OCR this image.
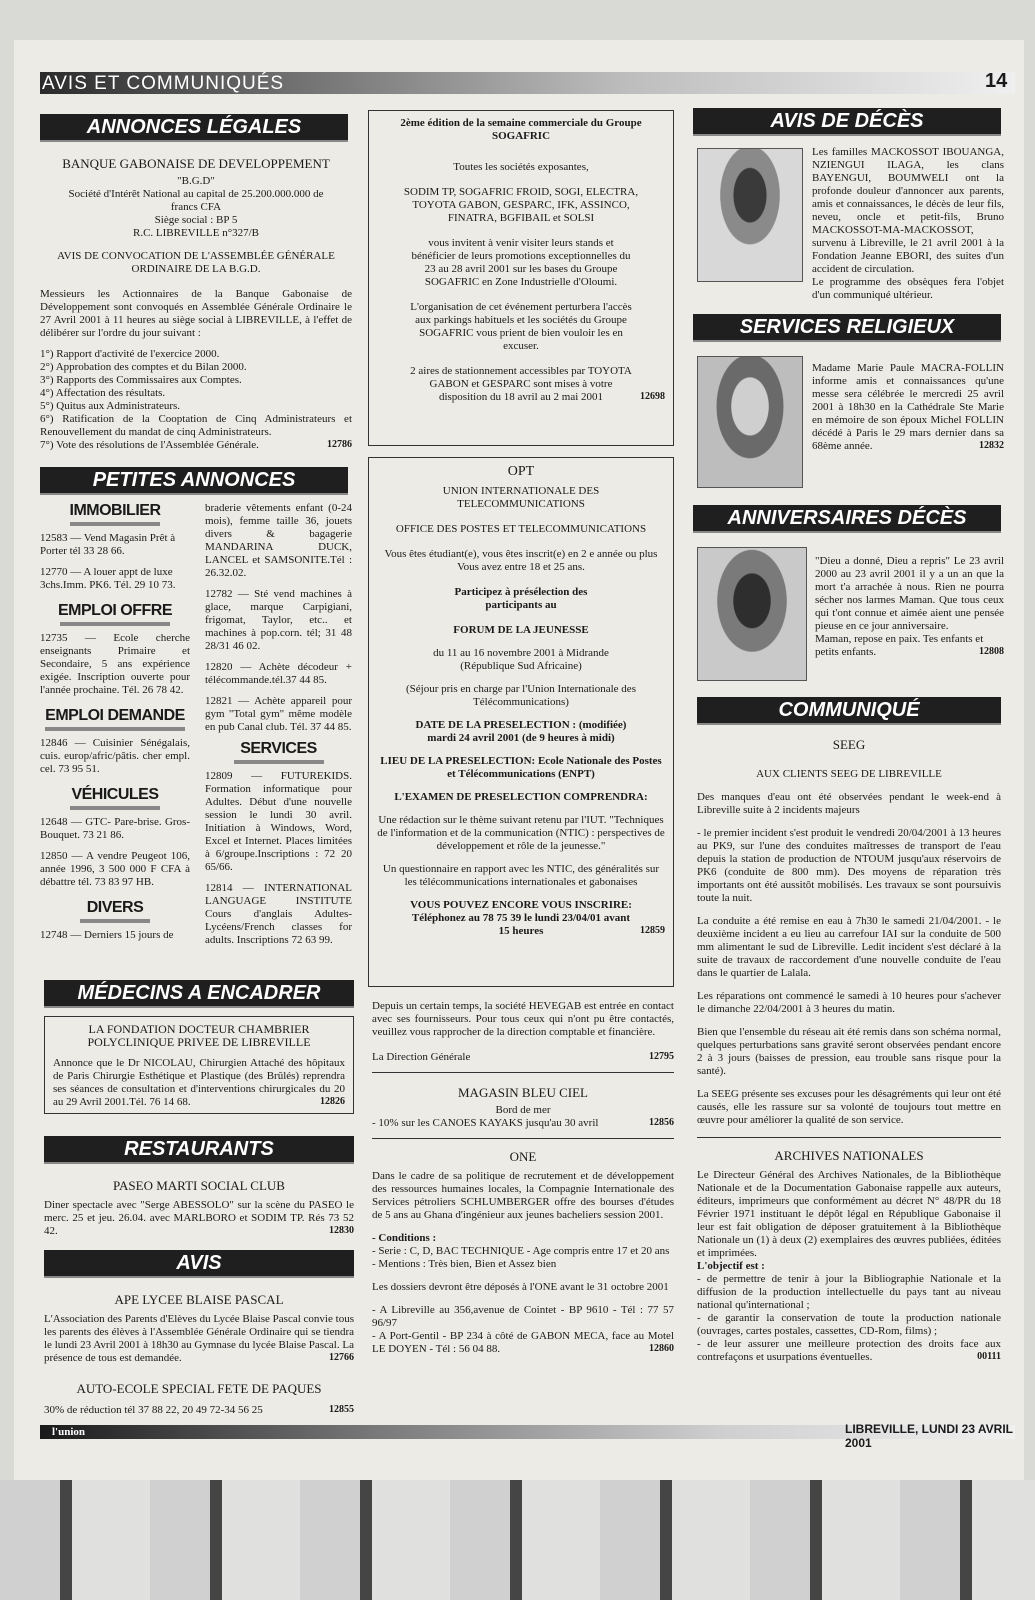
AVIS ET COMMUNIQUÉS	14
ANNONCES LÉGALES

BANQUE GABONAISE DE DEVELOPPEMENT

"B.G.D"

Société d'Intérêt National au capital de 25.200.000.000 de francs CFA

Siège social : BP 5

R.C. LIBREVILLE n°327/B

AVIS DE CONVOCATION DE L'ASSEMBLÉE GÉNÉRALE ORDINAIRE DE LA B.G.D.

Messieurs les Actionnaires de la Banque Gabonaise de Développement sont convoqués en Assemblée Générale Ordinaire le 27 Avril 2001 à 11 heures au siège social à LIBREVILLE, à l'effet de délibérer sur l'ordre du jour suivant :

1°) Rapport d'activité de l'exercice 2000.

2°) Approbation des comptes et du Bilan 2000.

3°) Rapports des Commissaires aux Comptes.

4°) Affectation des résultats.

5°) Quitus aux Administrateurs.

6°) Ratification de la Cooptation de Cinq Administrateurs et Renouvellement du mandat de cinq Administrateurs.

7°) Vote des résolutions de l'Assemblée Générale.	12786

PETITES ANNONCES

IMMOBILIER

12583 — Vend Magasin Prêt à Porter tél 33 28 66.

12770 — A louer appt de luxe 3chs.Imm. PK6. Tél. 29 10 73.

EMPLOI OFFRE

12735 — Ecole cherche enseignants Primaire et Secondaire, 5 ans expérience exigée. Inscription ouverte pour l'année prochaine. Tél. 26 78 42.

EMPLOI DEMANDE

12846 — Cuisinier Sénégalais, cuis. europ/afric/pâtis. cher empl. cel. 73 95 51.

VÉHICULES

12648 — GTC- Pare-brise. Gros-Bouquet. 73 21 86.

12850 — A vendre Peugeot 106, année 1996, 3 500 000 F CFA à débattre tél. 73 83 97 HB.

DIVERS

12748 — Derniers 15 jours de

braderie vêtements enfant (0-24 mois), femme taille 36, jouets divers & bagagerie MANDARINA DUCK, LANCEL et SAMSONITE.Tél : 26.32.02.

12782 — Sté vend machines à glace, marque Carpigiani, frigomat, Taylor, etc.. et machines à pop.corn. tél; 31 48 28/31 46 02.

12820 — Achète décodeur + télécommande.tél.37 44 85.

12821 — Achète appareil pour gym "Total gym" même modèle en pub Canal club. Tél. 37 44 85.

SERVICES

12809 — FUTUREKIDS. Formation informatique pour Adultes. Début d'une nouvelle session le lundi 30 avril. Initiation à Windows, Word, Excel et Internet. Places limitées à 6/groupe.Inscriptions : 72 20 65/66.

12814 — INTERNATIONAL LANGUAGE INSTITUTE Cours d'anglais Adultes-Lycéens/French classes for adults. Inscriptions 72 63 99.

MÉDECINS A ENCADRER

LA FONDATION DOCTEUR CHAMBRIER POLYCLINIQUE PRIVEE DE LIBREVILLE

Annonce que le Dr NICOLAU, Chirurgien Attaché des hôpitaux de Paris Chirurgie Esthétique et Plastique (des Brûlés) reprendra ses séances de consultation et d'interventions chirurgicales du 20 au 29 Avril 2001.Tél. 76 14 68.	12826

RESTAURANTS

PASEO MARTI SOCIAL CLUB

Diner spectacle avec "Serge ABESSOLO" sur la scène du PASEO le merc. 25 et jeu. 26.04. avec MARLBORO et SODIM TP. Rés 73 52 42.	12830

AVIS

APE LYCEE BLAISE PASCAL

L'Association des Parents d'Elèves du Lycée Blaise Pascal convie tous les parents des élèves à l'Assemblée Générale Ordinaire qui se tiendra le lundi 23 Avril 2001 à 18h30 au Gymnase du lycée Blaise Pascal. La présence de tous est demandée.	12766

AUTO-ECOLE SPECIAL FETE DE PAQUES

30% de réduction tél 37 88 22, 20 49 72-34 56 25	12855

2ème édition de la semaine commerciale du Groupe SOGAFRIC

Toutes les sociétés exposantes,

SODIM TP, SOGAFRIC FROID, SOGI, ELECTRA, TOYOTA GABON, GESPARC, IFK, ASSINCO, FINATRA, BGFIBAIL et SOLSI

vous invitent à venir visiter leurs stands et bénéficier de leurs promotions exceptionnelles du 23 au 28 avril 2001 sur les bases du Groupe SOGAFRIC en Zone Industrielle d'Oloumi.

L'organisation de cet événement perturbera l'accès aux parkings habituels et les sociétés du Groupe SOGAFRIC vous prient de bien vouloir les en excuser.

2 aires de stationnement accessibles par TOYOTA GABON et GESPARC sont mises à votre disposition du 18 avril au 2 mai 2001	12698

OPT

UNION INTERNATIONALE DES TELECOMMUNICATIONS

OFFICE DES POSTES ET TELECOMMUNICATIONS

Vous êtes étudiant(e), vous êtes inscrit(e) en 2 e année ou plus Vous avez entre 18 et 25 ans.

Participez à présélection des participants au

FORUM DE LA JEUNESSE

du 11 au 16 novembre 2001 à Midrande (République Sud Africaine)

(Séjour pris en charge par l'Union Internationale des Télécommunications)

DATE DE LA PRESELECTION : (modifiée) mardi 24 avril 2001 (de 9 heures à midi)

LIEU DE LA PRESELECTION: Ecole Nationale des Postes et Télécommunications (ENPT)

L'EXAMEN DE PRESELECTION COMPRENDRA:

Une rédaction sur le thème suivant retenu par l'IUT. "Techniques de l'information et de la communication (NTIC) : perspectives de développement et rôle de la jeunesse."

Un questionnaire en rapport avec les NTIC, des généralités sur les télécommunications internationales et gabonaises

VOUS POUVEZ ENCORE VOUS INSCRIRE: Téléphonez au 78 75 39 le lundi 23/04/01 avant 15 heures	12859

Depuis un certain temps, la société HEVEGAB est entrée en contact avec ses fournisseurs. Pour tous ceux qui n'ont pu être contactés, veuillez vous rapprocher de la direction comptable et financière.

La Direction Générale	12795

MAGASIN BLEU CIEL

Bord de mer

- 10% sur les CANOES KAYAKS jusqu'au 30 avril	12856

ONE

Dans le cadre de sa politique de recrutement et de développement des ressources humaines locales, la Compagnie Internationale des Services pétroliers SCHLUMBERGER offre des bourses d'études de 5 ans au Ghana d'ingénieur aux jeunes bacheliers session 2001.

- Conditions :

- Serie : C, D, BAC TECHNIQUE - Age compris entre 17 et 20 ans

- Mentions : Très bien, Bien et Assez bien

Les dossiers devront être déposés à l'ONE avant le 31 octobre 2001

- A Libreville au 356,avenue de Cointet - BP 9610 - Tél : 77 57 96/97

- A Port-Gentil - BP 234 à côté de GABON MECA, face au Motel LE DOYEN - Tél : 56 04 88.	12860

AVIS DE DÉCÈS

Les familles MACKOSSOT IBOUANGA, NZIENGUI ILAGA, les clans BAYENGUI, BOUMWELI ont la profonde douleur d'annoncer aux parents, amis et connaissances, le décès de leur fils, neveu, oncle et petit-fils, Bruno MACKOSSOT-MA-MACKOSSOT, survenu à Libreville, le 21 avril 2001 à la Fondation Jeanne EBORI, des suites d'un accident de circulation.

Le programme des obsèques fera l'objet d'un communiqué ultérieur.

SERVICES RELIGIEUX

Madame Marie Paule MACRA-FOLLIN informe amis et connaissances qu'une messe sera célébrée le mercredi 25 avril 2001 à 18h30 en la Cathédrale Ste Marie en mémoire de son époux Michel FOLLIN décédé à Paris le 29 mars dernier dans sa 68ème année.	12832

ANNIVERSAIRES DÉCÈS

"Dieu a donné, Dieu a repris" Le 23 avril 2000 au 23 avril 2001 il y a un an que la mort t'a arrachée à nous. Rien ne pourra sécher nos larmes Maman. Que tous ceux qui t'ont connue et aimée aient une pensée pieuse en ce jour anniversaire.

Maman, repose en paix. Tes enfants et petits enfants.	12808

COMMUNIQUÉ

SEEG

AUX CLIENTS SEEG DE LIBREVILLE

Des manques d'eau ont été observées pendant le week-end à Libreville suite à 2 incidents majeurs

- le premier incident s'est produit le vendredi 20/04/2001 à 13 heures au PK9, sur l'une des conduites maîtresses de transport de l'eau depuis la station de production de NTOUM jusqu'aux réservoirs de PK6 (conduite de 800 mm). Des moyens de réparation très importants ont été aussitôt mobilisés. Les travaux se sont poursuivis toute la nuit.

La conduite a été remise en eau à 7h30 le samedi 21/04/2001. - le deuxième incident a eu lieu au carrefour IAI sur la conduite de 500 mm alimentant le sud de Libreville. Ledit incident s'est déclaré à la suite de travaux de raccordement d'une nouvelle conduite de l'eau dans le quartier de Lalala.

Les réparations ont commencé le samedi à 10 heures pour s'achever le dimanche 22/04/2001 à 3 heures du matin.

Bien que l'ensemble du réseau ait été remis dans son schéma normal, quelques perturbations sans gravité seront observées pendant encore 2 à 3 jours (baisses de pression, eau trouble sans risque pour la santé).

La SEEG présente ses excuses pour les désagréments qui leur ont été causés, elle les rassure sur sa volonté de toujours tout mettre en œuvre pour améliorer la qualité de son service.

ARCHIVES NATIONALES

Le Directeur Général des Archives Nationales, de la Bibliothèque Nationale et de la Documentation Gabonaise rappelle aux auteurs, éditeurs, imprimeurs que conformément au décret N° 48/PR du 18 Février 1971 instituant le dépôt légal en République Gabonaise il leur est fait obligation de déposer gratuitement à la Bibliothèque Nationale un (1) à deux (2) exemplaires des œuvres publiées, éditées et imprimées.

L'objectif est :

- de permettre de tenir à jour la Bibliographie Nationale et la diffusion de la production intellectuelle du pays tant au niveau national qu'international ;

- de garantir la conservation de toute la production nationale (ouvrages, cartes postales, cassettes, CD-Rom, films) ;

- de leur assurer une meilleure protection des droits face aux contrefaçons et usurpations éventuelles.	00111

l'union	LIBREVILLE, LUNDI 23 AVRIL 2001
